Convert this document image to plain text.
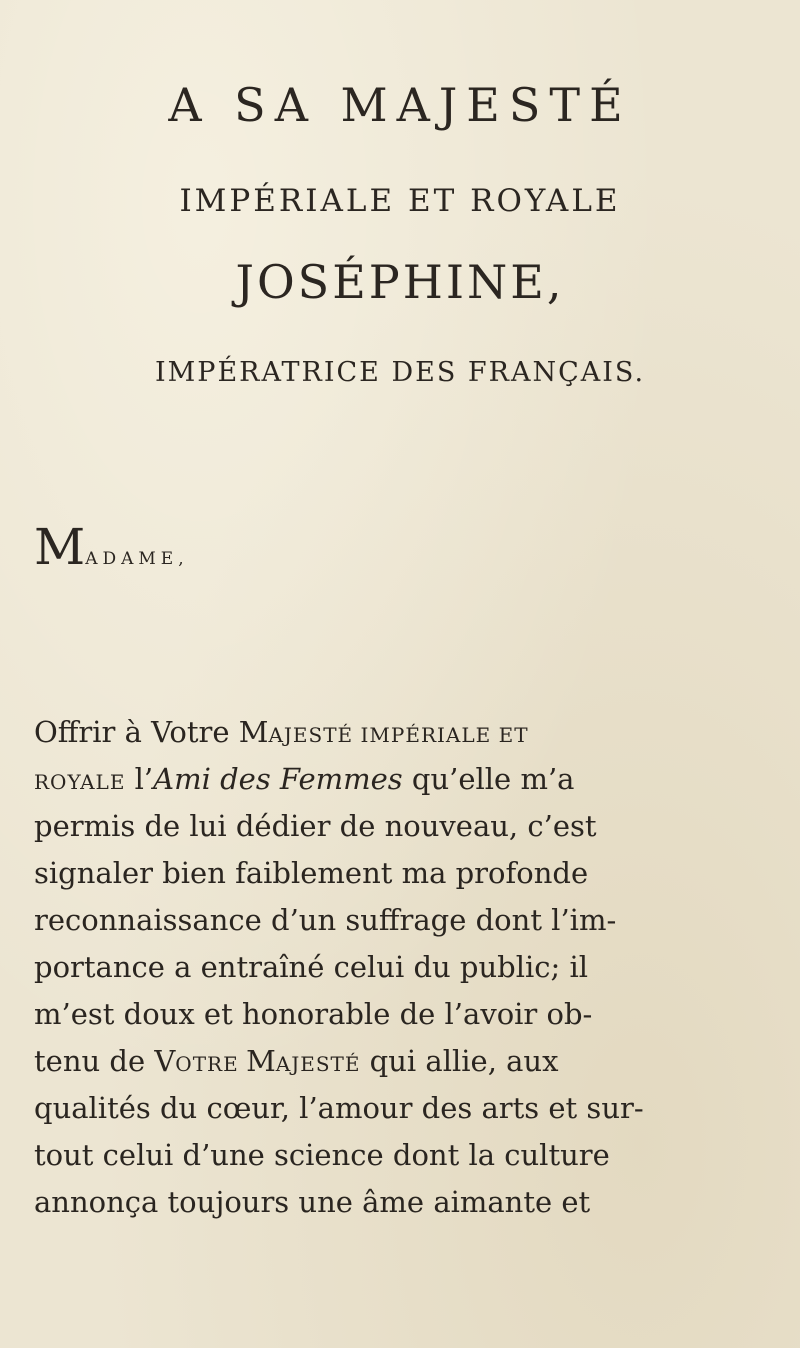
A SA MAJESTÉ
IMPÉRIALE ET ROYALE
JOSÉPHINE,
IMPÉRATRICE DES FRANÇAIS.
MADAME,
Offrir à Votre MAJESTÉ IMPÉRIALE ET
ROYALE l’Ami des Femmes qu’elle m’a
permis de lui dédier de nouveau, c’est
signaler bien faiblement ma profonde
reconnaissance d’un suffrage dont l’im-
portance a entraîné celui du public; il
m’est doux et honorable de l’avoir ob-
tenu de VOTRE MAJESTÉ qui allie, aux
qualités du cœur, l’amour des arts et sur-
tout celui d’une science dont la culture
annonça toujours une âme aimante et
